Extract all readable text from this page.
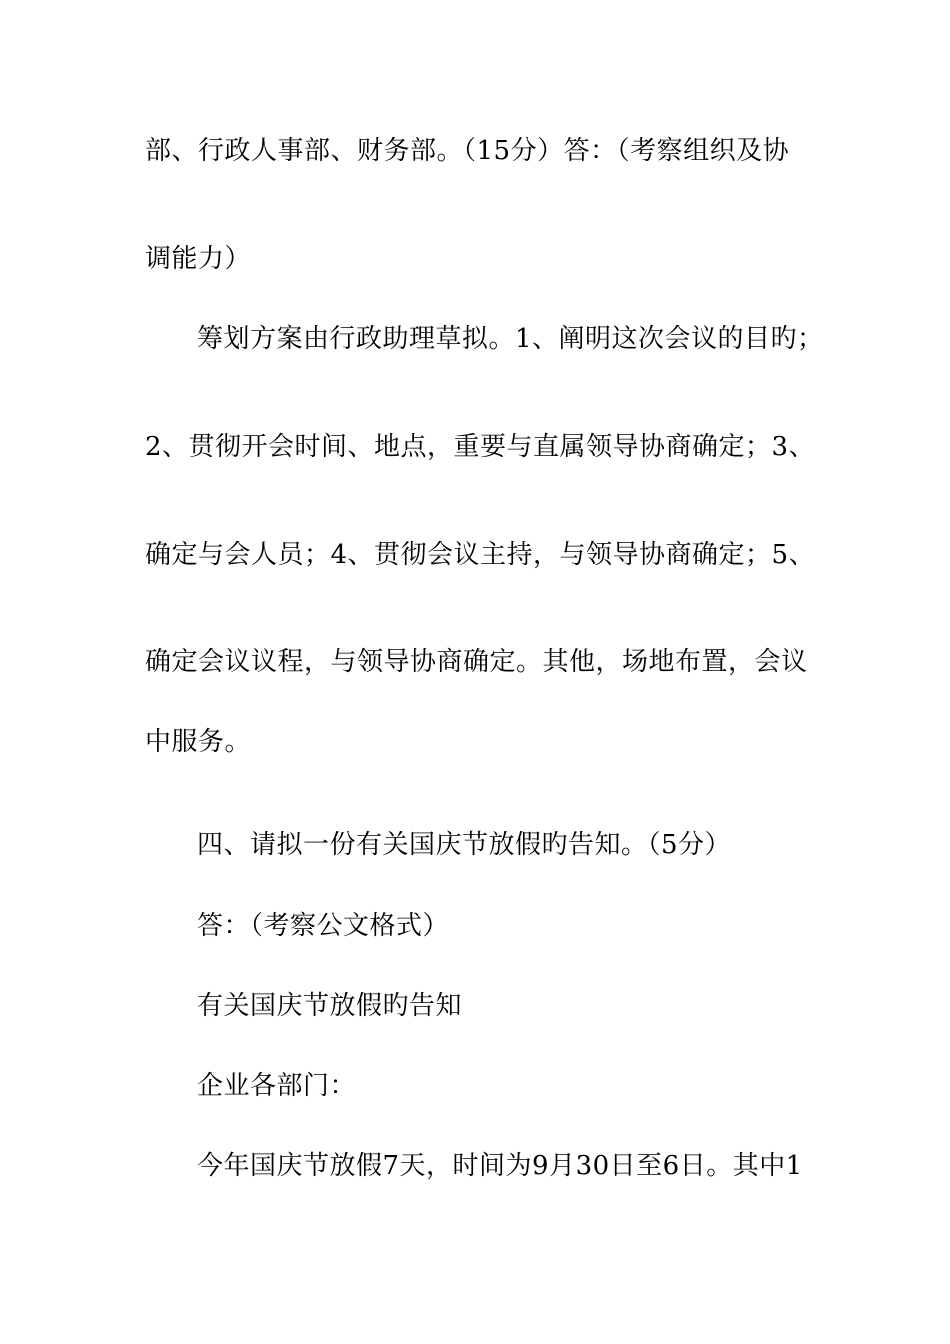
部、行政人事部、财务部。（15分）答：（考察组织及协
调能力）
筹划方案由行政助理草拟。1、阐明这次会议的目旳；
2、贯彻开会时间、地点，重要与直属领导协商确定；3、
确定与会人员；4、贯彻会议主持，与领导协商确定；5、
确定会议议程，与领导协商确定。其他，场地布置，会议
中服务。
四、请拟一份有关国庆节放假旳告知。（5分）
答：（考察公文格式）
有关国庆节放假旳告知
企业各部门：
今年国庆节放假7天，时间为9月30日至6日。其中1
